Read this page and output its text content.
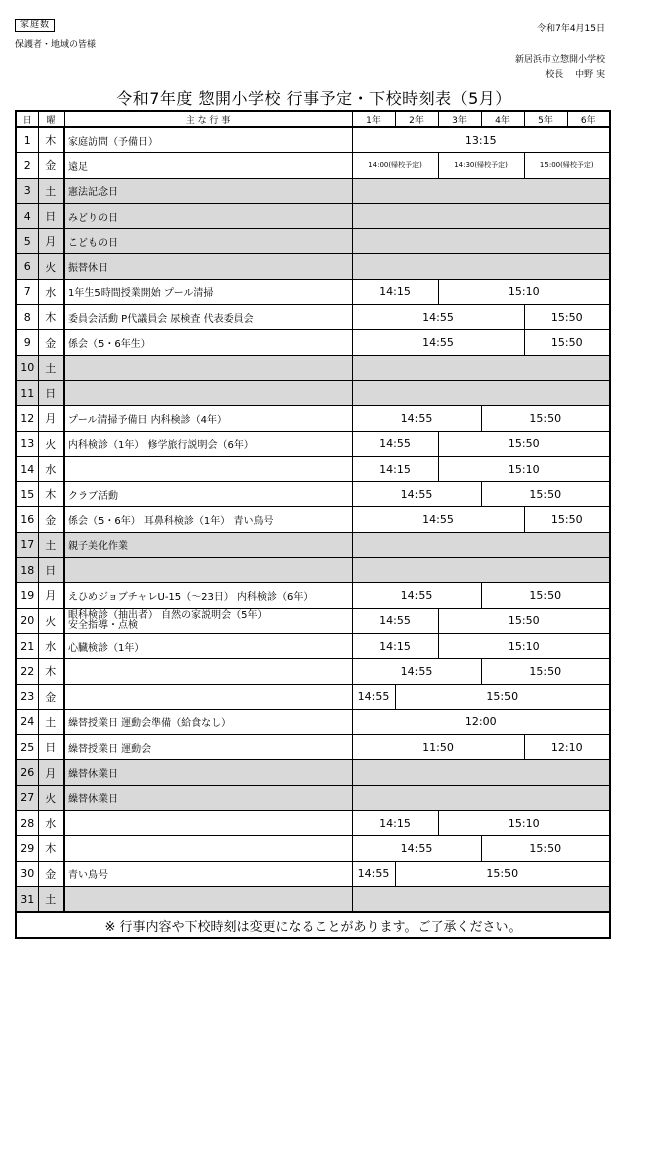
家庭数
保護者・地域の皆様
令和7年4月15日
新居浜市立惣開小学校
校長　 中野 実
令和7年度 惣開小学校 行事予定・下校時刻表（5月）
日	曜	主 な 行 事	1年	2年	3年	4年	5年	6年
1	木	家庭訪問（予備日）	13:15					
2	金	遠足	14:00(帰校予定)		14:30(帰校予定)		15:00(帰校予定)	
3	土	憲法記念日						
4	日	みどりの日						
5	月	こどもの日						
6	火	振替休日						
7	水	1年生5時間授業開始 プール清掃	14:15		15:10			
8	木	委員会活動 P代議員会 尿検査 代表委員会	14:55				15:50	
9	金	係会（5・6年生）	14:55				15:50	
10	土							
11	日							
12	月	プール清掃予備日 内科検診（4年）	14:55			15:50		
13	火	内科検診（1年） 修学旅行説明会（6年）	14:55		15:50			
14	水		14:15		15:10			
15	木	クラブ活動	14:55			15:50		
16	金	係会（5・6年） 耳鼻科検診（1年） 青い鳥号	14:55				15:50	
17	土	親子美化作業						
18	日							
19	月	えひめジョブチャレU-15（～23日） 内科検診（6年）	14:55			15:50		
20	火	眼科検診（抽出者） 自然の家説明会（5年）
安全指導・点検	14:55		15:50			
21	水	心臓検診（1年）	14:15		15:10			
22	木		14:55			15:50		
23	金		14:55	15:50				
24	土	繰替授業日 運動会準備（給食なし）	12:00					
25	日	繰替授業日 運動会	11:50				12:10	
26	月	繰替休業日						
27	火	繰替休業日						
28	水		14:15		15:10			
29	木		14:55			15:50		
30	金	青い鳥号	14:55	15:50				
31	土							
※ 行事内容や下校時刻は変更になることがあります。ご了承ください。								
